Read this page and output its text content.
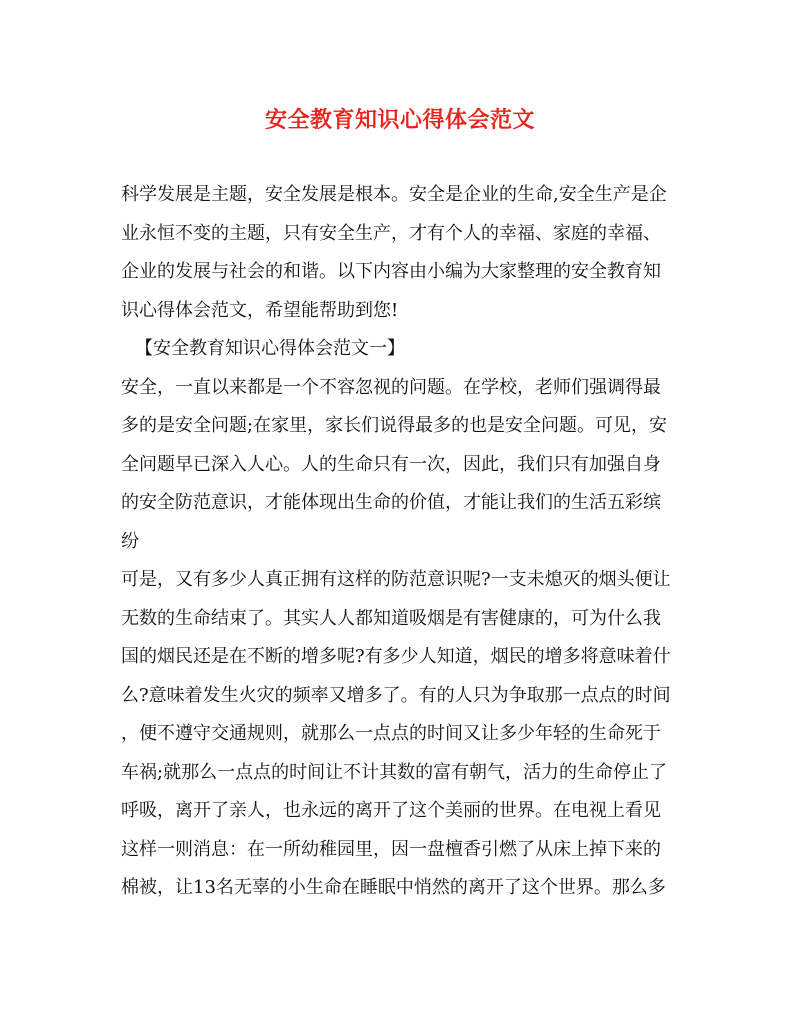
安全教育知识心得体会范文
科学发展是主题，安全发展是根本。安全是企业的生命,安全生产是企
业永恒不变的主题，只有安全生产，才有个人的幸福、家庭的幸福、
企业的发展与社会的和谐。以下内容由小编为大家整理的安全教育知
识心得体会范文，希望能帮助到您!
【安全教育知识心得体会范文一】
安全，一直以来都是一个不容忽视的问题。在学校，老师们强调得最
多的是安全问题;在家里，家长们说得最多的也是安全问题。可见，安
全问题早已深入人心。人的生命只有一次，因此，我们只有加强自身
的安全防范意识，才能体现出生命的价值，才能让我们的生活五彩缤
纷
可是，又有多少人真正拥有这样的防范意识呢?一支未熄灭的烟头便让
无数的生命结束了。其实人人都知道吸烟是有害健康的，可为什么我
国的烟民还是在不断的增多呢?有多少人知道，烟民的增多将意味着什
么?意味着发生火灾的频率又增多了。有的人只为争取那一点点的时间
，便不遵守交通规则，就那么一点点的时间又让多少年轻的生命死于
车祸;就那么一点点的时间让不计其数的富有朝气，活力的生命停止了
呼吸，离开了亲人，也永远的离开了这个美丽的世界。在电视上看见
这样一则消息：在一所幼稚园里，因一盘檀香引燃了从床上掉下来的
棉被，让13名无辜的小生命在睡眠中悄然的离开了这个世界。那么多
